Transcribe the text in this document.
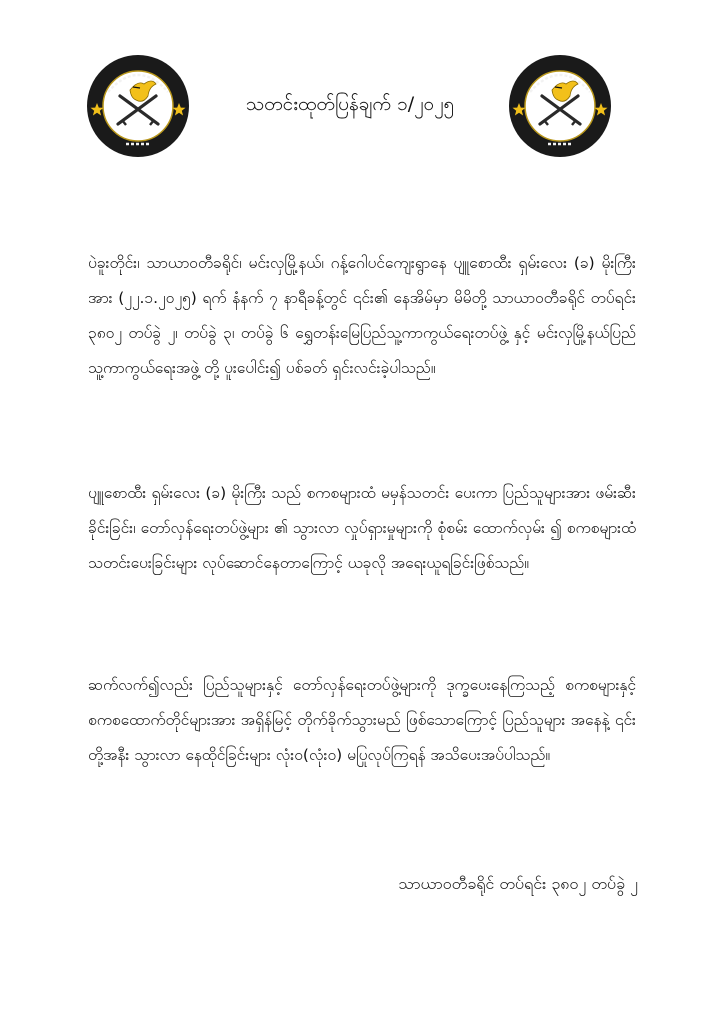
သတင်းထုတ်ပြန်ချက် ၁/၂၀၂၅

ပဲခူးတိုင်း၊ သာယာဝတီခရိုင်၊ မင်းလှမြို့နယ်၊ ဂန့်ဂေါပင်ကျေးရွာနေ ပျူစောထီး ရှမ်းလေး (ခ) မိုးကြီး အား (၂၂.၁.၂၀၂၅) ရက် နံနက် ၇ နာရီခန့်တွင် ၎င်း၏ နေအိမ်မှာ မိမိတို့ သာယာဝတီခရိုင် တပ်ရင်း ၃၈၀၂ တပ်ခွဲ ၂၊ တပ်ခွဲ ၃၊ တပ်ခွဲ ၆ ရွှေတန်းမြေပြည်သူ့ကာကွယ်ရေးတပ်ဖွဲ့ နှင့် မင်းလှမြို့နယ်ပြည်သူ့ကာကွယ်ရေးအဖွဲ့ တို့ ပူးပေါင်း၍ ပစ်ခတ် ရှင်းလင်းခဲ့ပါသည်။

ပျူစောထီး ရှမ်းလေး (ခ) မိုးကြီး သည် စကစများထံ မမှန်သတင်း ပေးကာ ပြည်သူများအား ဖမ်းဆီးခိုင်းခြင်း၊ တော်လှန်ရေးတပ်ဖွဲ့များ ၏ သွားလာ လှုပ်ရှားမှုများကို စုံစမ်း ထောက်လှမ်း ၍ စကစများထံ သတင်းပေးခြင်းများ လုပ်ဆောင်နေတာကြောင့် ယခုလို အရေးယူရခြင်းဖြစ်သည်။

ဆက်လက်၍လည်း ပြည်သူများနှင့် တော်လှန်ရေးတပ်ဖွဲ့များကို ဒုက္ခပေးနေကြသည့် စကစများနှင့် စကစထောက်တိုင်များအား အရှိန်မြင့် တိုက်ခိုက်သွားမည် ဖြစ်သောကြောင့် ပြည်သူများ အနေနဲ့ ၎င်းတို့အနီး သွားလာ နေထိုင်ခြင်းများ လုံး၀(လုံး၀) မပြုလုပ်ကြရန် အသိပေးအပ်ပါသည်။

သာယာဝတီခရိုင် တပ်ရင်း ၃၈၀၂ တပ်ခွဲ ၂
